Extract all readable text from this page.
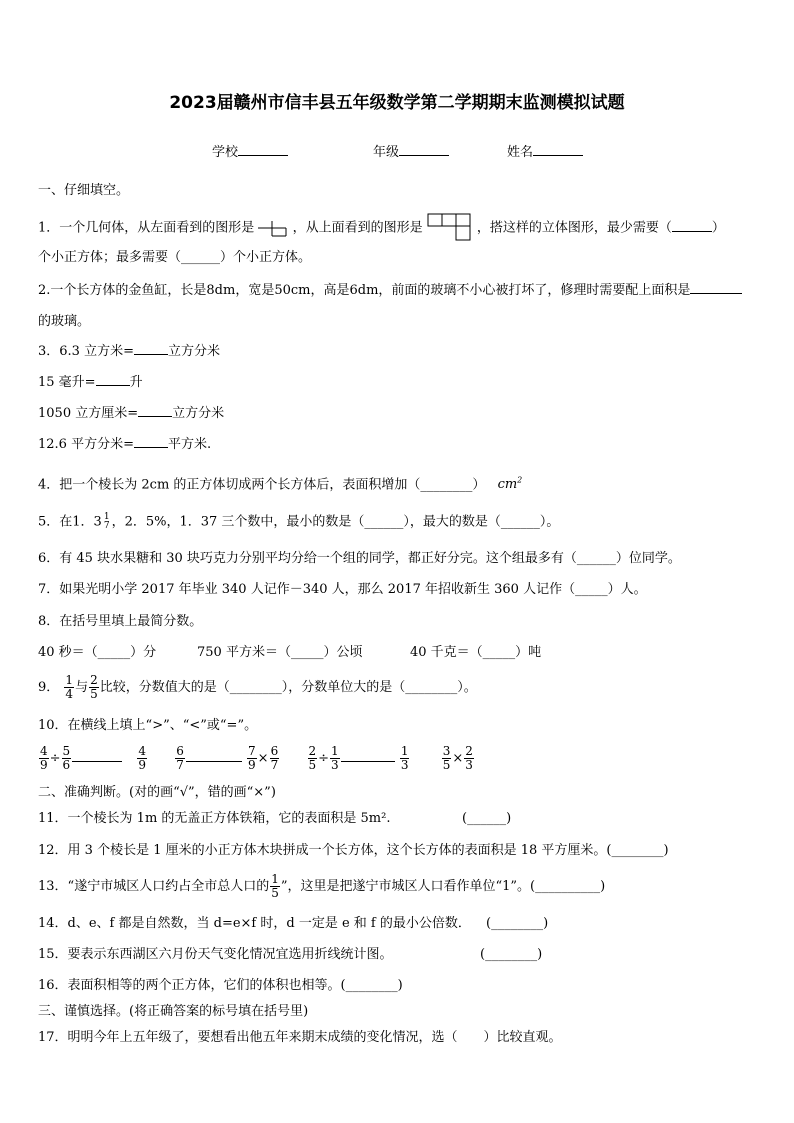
2023届赣州市信丰县五年级数学第二学期期末监测模拟试题
学校	年级	姓名
一、仔细填空。
1．一个几何体，从左面看到的图形是	，从上面看到的图形是	，搭这样的立体图形，最少需要（	）
个小正方体；最多需要（______）个小正方体。
2.一个长方体的金鱼缸，长是8dm，宽是50cm，高是6dm，前面的玻璃不小心被打坏了，修理时需要配上面积是
的玻璃。
3．6.3 立方米=	立方分米
15 毫升=	升
1050 立方厘米=	立方分米
12.6 平方分米=	平方米.
4．把一个棱长为 2cm 的正方体切成两个长方体后，表面积增加（________） $cm^2$
5．在1．3 1
7 ，2．5%，1．37 三个数中，最小的数是（______），最大的数是（______）。
6．有 45 块水果糖和 30 块巧克力分别平均分给一个组的同学，都正好分完。这个组最多有（______）位同学。
7．如果光明小学 2017 年毕业 340 人记作－340 人，那么 2017 年招收新生 360 人记作（_____）人。
8．在括号里填上最简分数。
40 秒＝（_____）分	750 平方米＝（_____）公顷	40 千克＝（_____）吨
9． $\frac{1}{4}$ 与 $\frac{2}{5}$ 比较，分数值大的是（________），分数单位大的是（________）。
10．在横线上填上“>”、“<”或“=”。
$\frac{4}{9} \div \frac{5}{6}$
	$\frac{4}{9}$
$\frac{6}{7}$
	$\frac{7}{9} \times \frac{6}{7}$
$\frac{2}{5} \div \frac{1}{3}$
	$\frac{1}{3}$
	$\frac{3}{5} \times \frac{2}{3}$
二、准确判断。(对的画“√”，错的画“×”)
11．一个棱长为 1m 的无盖正方体铁箱，它的表面积是 5m².	(______)
12．用 3 个棱长是 1 厘米的小正方体木块拼成一个长方体，这个长方体的表面积是 18 平方厘米。(________)
13．“遂宁市城区人口约占全市总人口的 $\frac{1}{5}$ ”，这里是把遂宁市城区人口看作单位“1”。(__________)
14．d、e、f 都是自然数，当 d=e×f 时，d 一定是 e 和 f 的最小公倍数． (________)
15．要表示东西湖区六月份天气变化情况宜选用折线统计图。	(________)
16．表面积相等的两个正方体，它们的体积也相等。(________)
三、谨慎选择。(将正确答案的标号填在括号里)
17．明明今年上五年级了，要想看出他五年来期末成绩的变化情况，选（　　）比较直观。
